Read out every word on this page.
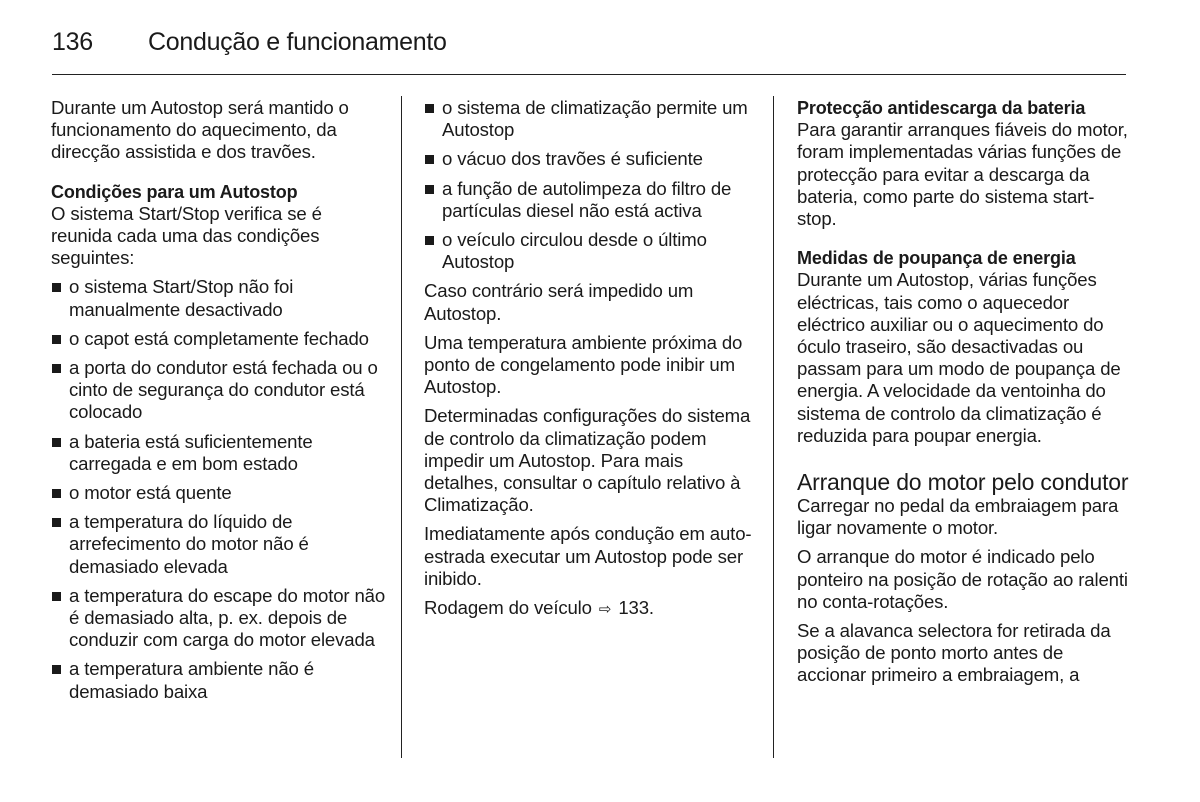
136 Condução e funcionamento

Durante um Autostop será mantido o funcionamento do aquecimento, da direcção assistida e dos travões.

Condições para um Autostop

O sistema Start/Stop verifica se é reunida cada uma das condições seguintes:

o sistema Start/Stop não foi manualmente desactivado
o capot está completamente fechado
a porta do condutor está fechada ou o cinto de segurança do condutor está colocado
a bateria está suficientemente carregada e em bom estado
o motor está quente
a temperatura do líquido de arrefecimento do motor não é demasiado elevada
a temperatura do escape do motor não é demasiado alta, p. ex. depois de conduzir com carga do motor elevada
a temperatura ambiente não é demasiado baixa
o sistema de climatização permite um Autostop
o vácuo dos travões é suficiente
a função de autolimpeza do filtro de partículas diesel não está activa
o veículo circulou desde o último Autostop

Caso contrário será impedido um Autostop.

Uma temperatura ambiente próxima do ponto de congelamento pode inibir um Autostop.

Determinadas configurações do sistema de controlo da climatização podem impedir um Autostop. Para mais detalhes, consultar o capítulo relativo à Climatização.

Imediatamente após condução em auto-estrada executar um Autostop pode ser inibido.

Rodagem do veículo ⇨ 133.

Protecção antidescarga da bateria

Para garantir arranques fiáveis do motor, foram implementadas várias funções de protecção para evitar a descarga da bateria, como parte do sistema start-stop.

Medidas de poupança de energia

Durante um Autostop, várias funções eléctricas, tais como o aquecedor eléctrico auxiliar ou o aquecimento do óculo traseiro, são desactivadas ou passam para um modo de poupança de energia. A velocidade da ventoinha do sistema de controlo da climatização é reduzida para poupar energia.

Arranque do motor pelo condutor

Carregar no pedal da embraiagem para ligar novamente o motor.

O arranque do motor é indicado pelo ponteiro na posição de rotação ao ralenti no conta-rotações.

Se a alavanca selectora for retirada da posição de ponto morto antes de accionar primeiro a embraiagem, a
